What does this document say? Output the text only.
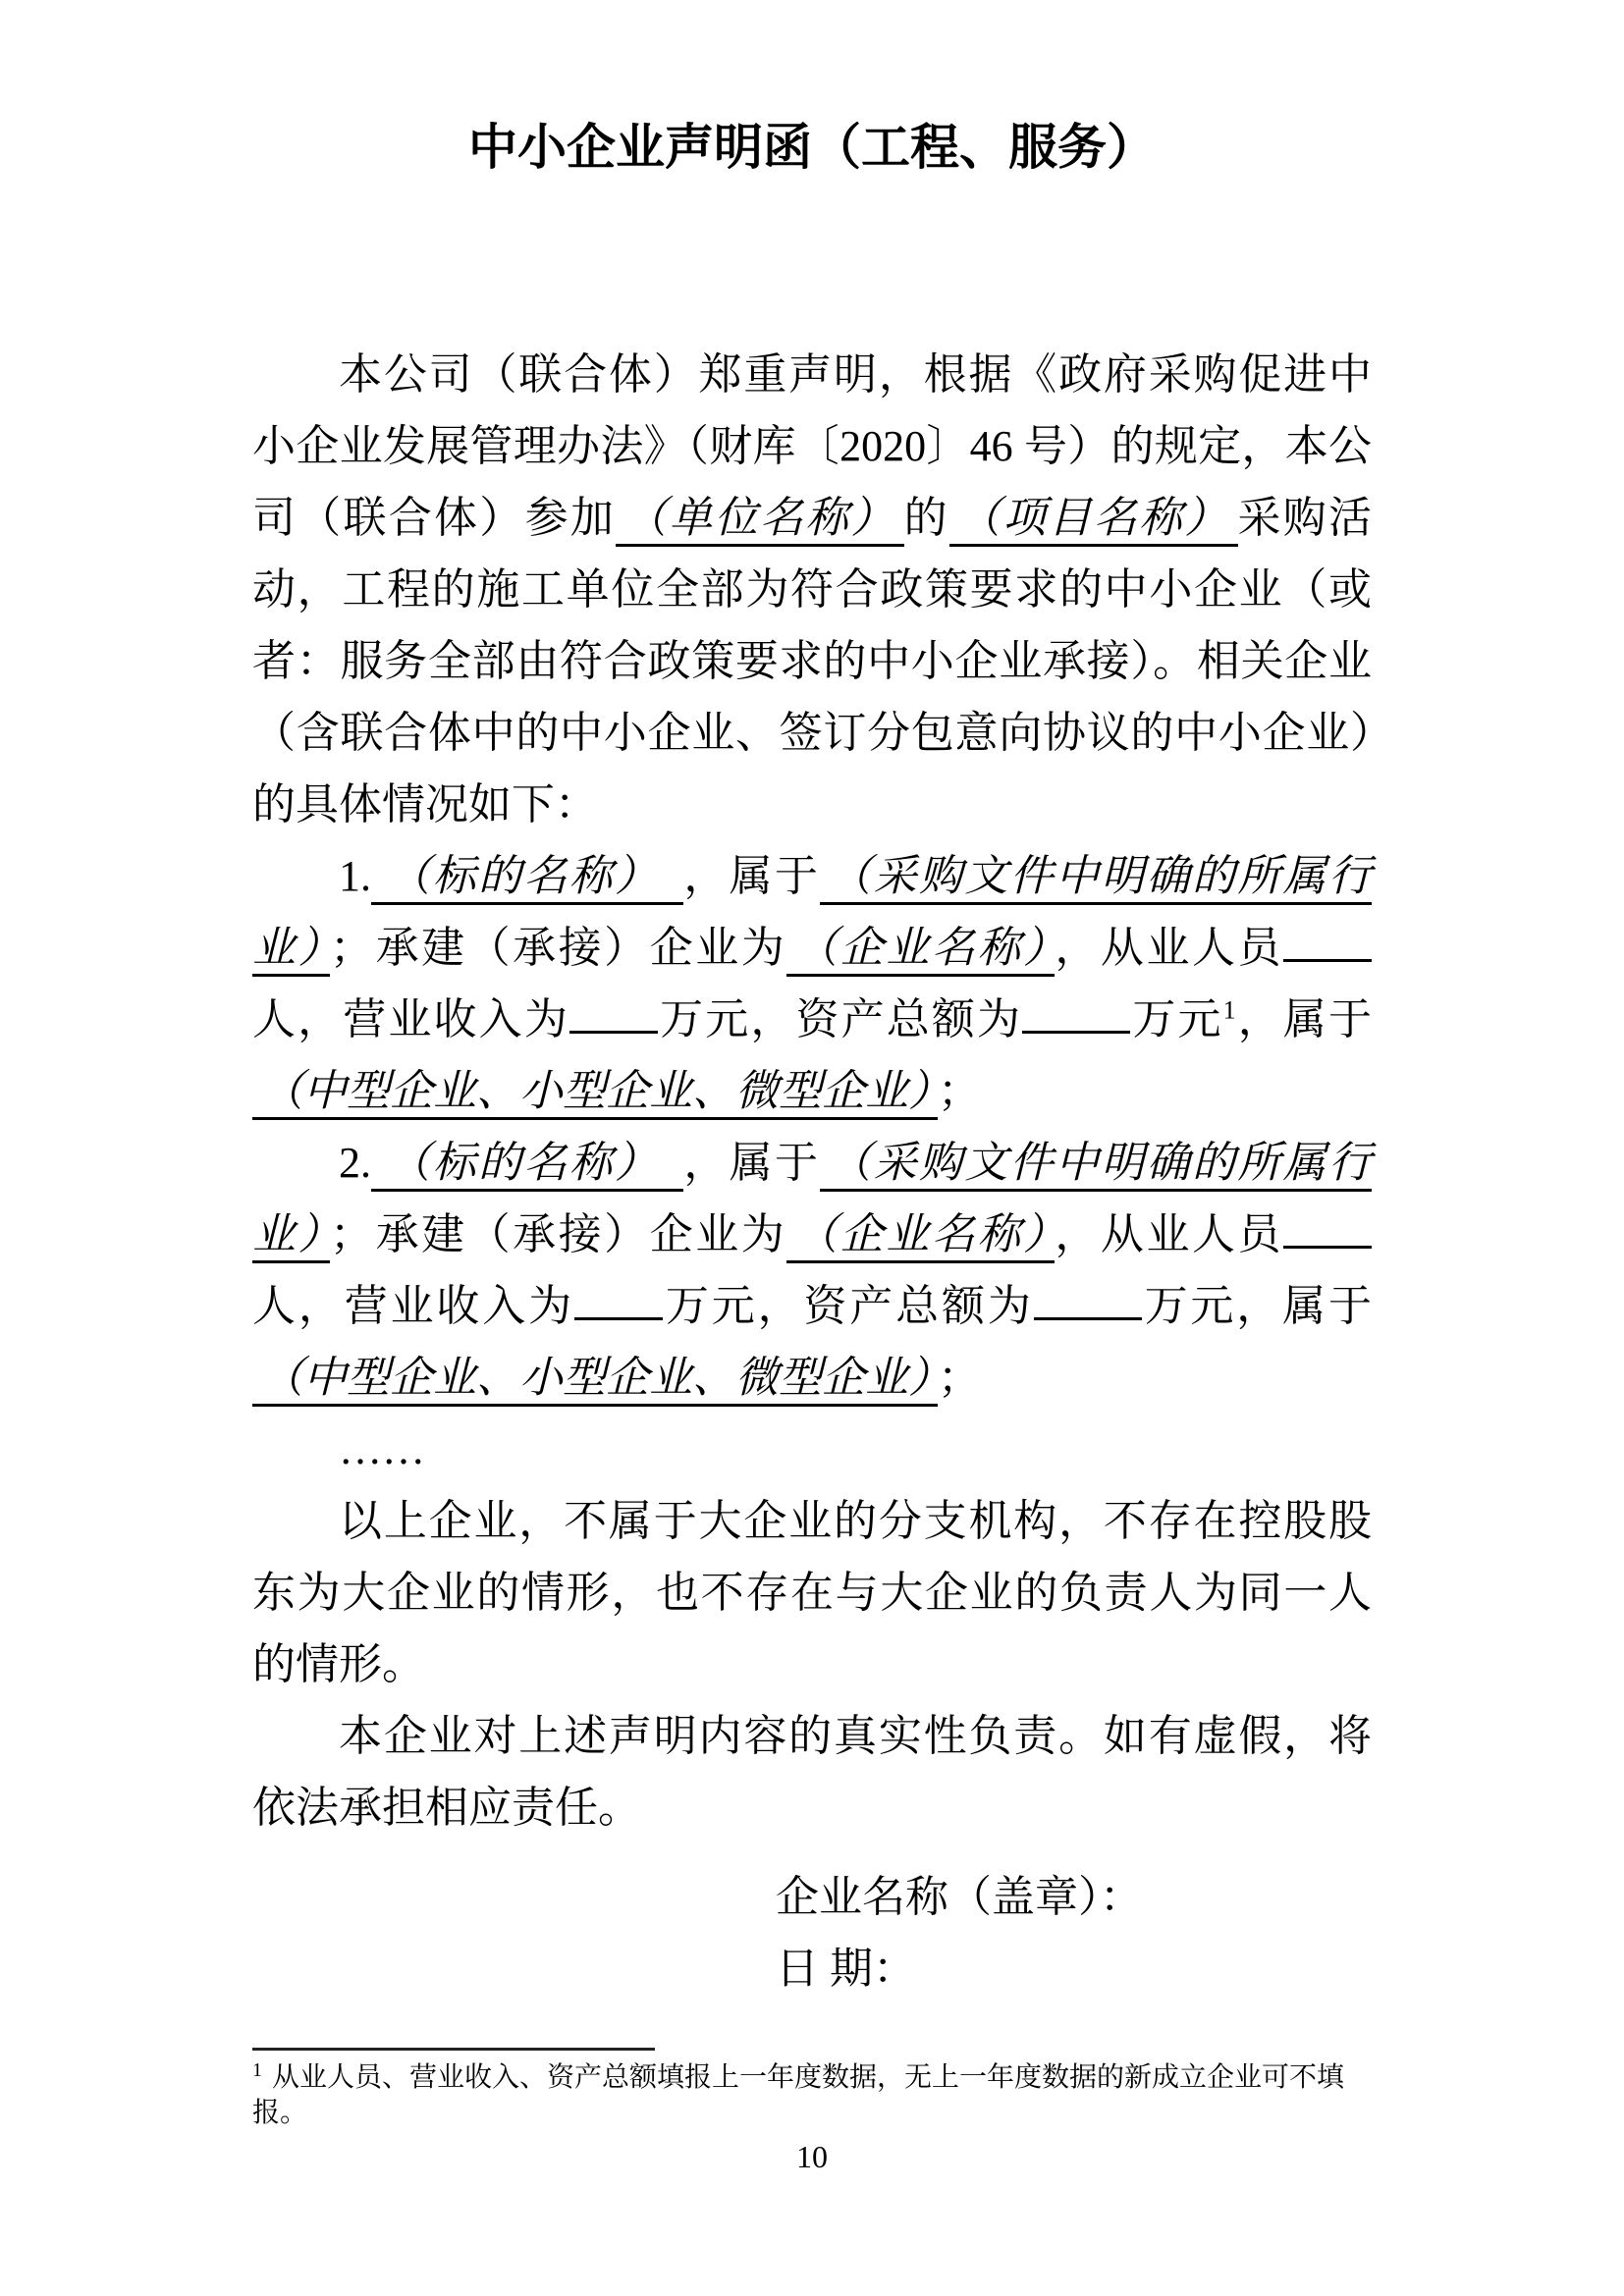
中小企业声明函（工程、服务）

本公司（联合体）郑重声明，根据《政府采购促进中小企业发展管理办法》（财库〔2020〕46 号）的规定，本公司（联合体）参加 （单位名称） 的 （项目名称） 采购活动，工程的施工单位全部为符合政策要求的中小企业（或者：服务全部由符合政策要求的中小企业承接）。相关企业（含联合体中的中小企业、签订分包意向协议的中小企业）的具体情况如下：

1. （标的名称） ，属于 （采购文件中明确的所属行业） ；承建（承接）企业为 （企业名称） ，从业人员人，营业收入为 万元，资产总额为	万元$^1$，属于（中型企业、小型企业、微型企业） ；

2. （标的名称） ，属于 （采购文件中明确的所属行业） ；承建（承接）企业为 （企业名称） ，从业人员人，营业收入为 万元，资产总额为	万元，属于（中型企业、小型企业、微型企业） ；

……

以上企业，不属于大企业的分支机构，不存在控股股东为大企业的情形，也不存在与大企业的负责人为同一人的情形。

本企业对上述声明内容的真实性负责。如有虚假，将依法承担相应责任。

企业名称（盖章）：
日 期：
$^1$ 从业人员、营业收入、资产总额填报上一年度数据，无上一年度数据的新成立企业可不填报。
10
